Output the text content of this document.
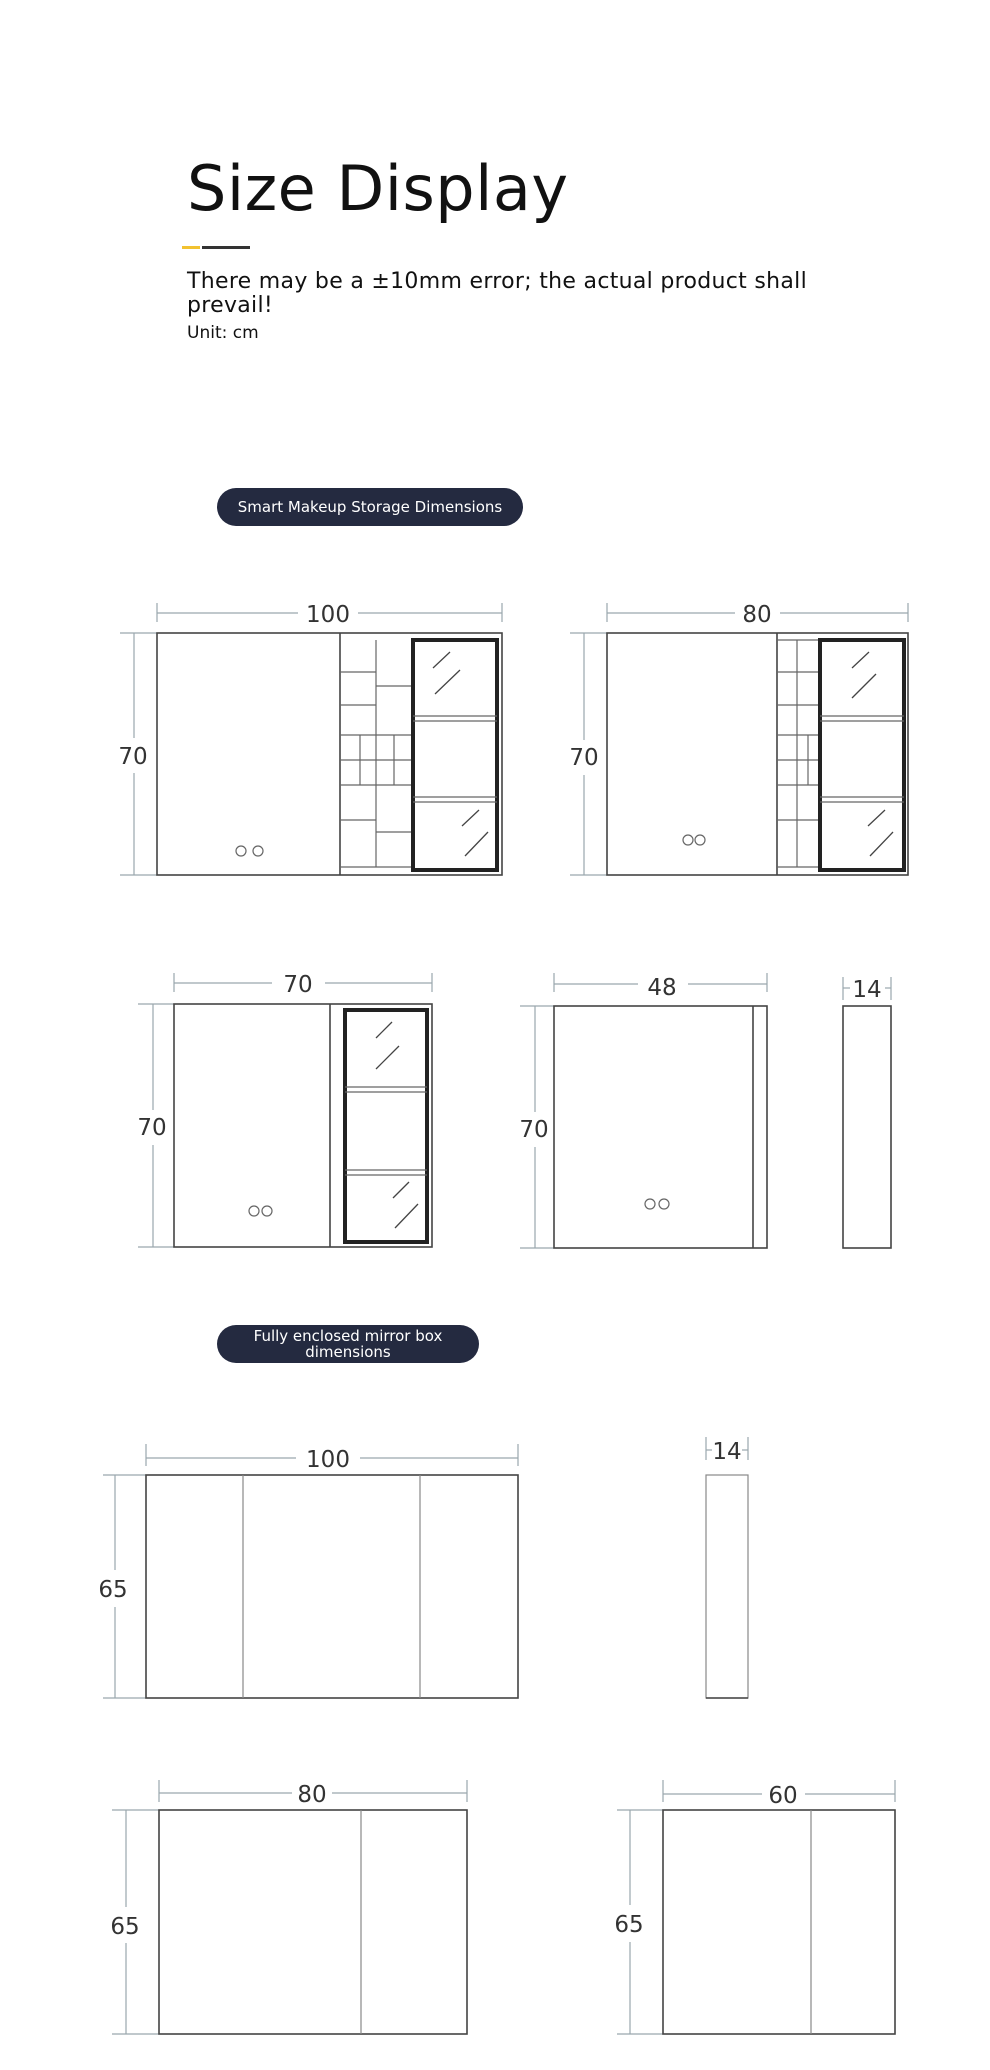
Size Display
There may be a ±10mm error; the actual product shall prevail!
Unit: cm
Smart Makeup Storage Dimensions
Fully enclosed mirror box dimensions
100
70
80
70
70
70
48
70
14
100
65
14
80
65
60
65
